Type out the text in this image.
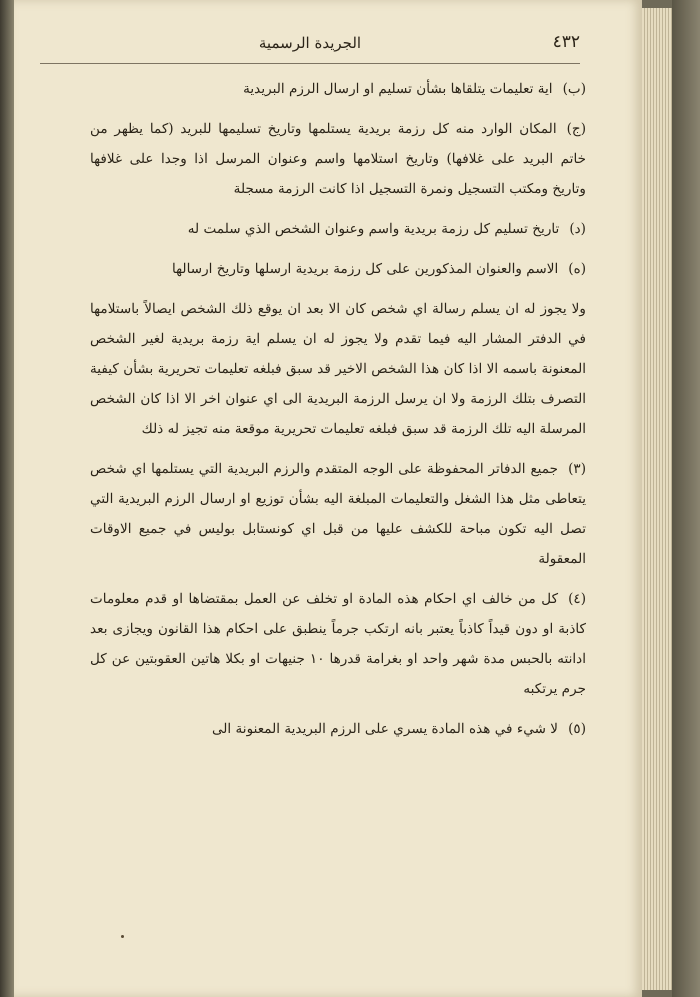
الجريدة الرسمية	٤٣٢
(ب)اية تعليمات يتلقاها بشأن تسليم او ارسال الرزم البريدية
(ج)المكان الوارد منه كل رزمة بريدية يستلمها وتاريخ تسليمها للبريد (كما يظهر من خاتم البريد على غلافها) وتاريخ استلامها واسم وعنوان المرسل اذا وجدا على غلافها وتاريخ ومكتب التسجيل ونمرة التسجيل اذا كانت الرزمة مسجلة
(د)تاريخ تسليم كل رزمة بريدية واسم وعنوان الشخص الذي سلمت له
(ه)الاسم والعنوان المذكورين على كل رزمة بريدية ارسلها وتاريخ ارسالها

ولا يجوز له ان يسلم رسالة اي شخص كان الا بعد ان يوقع ذلك الشخص ايصالاً باستلامها في الدفتر المشار اليه فيما تقدم ولا يجوز له ان يسلم اية رزمة بريدية لغير الشخص المعنونة باسمه الا اذا كان هذا الشخص الاخير قد سبق فبلغه تعليمات تحريرية بشأن كيفية التصرف بتلك الرزمة ولا ان يرسل الرزمة البريدية الى اي عنوان اخر الا اذا كان الشخص المرسلة اليه تلك الرزمة قد سبق فبلغه تعليمات تحريرية موقعة منه تجيز له ذلك

(٣)جميع الدفاتر المحفوظة على الوجه المتقدم والرزم البريدية التي يستلمها اي شخص يتعاطى مثل هذا الشغل والتعليمات المبلغة اليه بشأن توزيع او ارسال الرزم البريدية التي تصل اليه تكون مباحة للكشف عليها من قبل اي كونستابل بوليس في جميع الاوقات المعقولة
(٤)كل من خالف اي احكام هذه المادة او تخلف عن العمل بمقتضاها او قدم معلومات كاذبة او دون قيداً كاذباً يعتبر بانه ارتكب جرماً ينطبق على احكام هذا القانون ويجازى بعد ادانته بالحبس مدة شهر واحد او بغرامة قدرها ١٠ جنيهات او بكلا هاتين العقوبتين عن كل جرم يرتكبه
(٥)لا شيء في هذه المادة يسري على الرزم البريدية المعنونة الى
